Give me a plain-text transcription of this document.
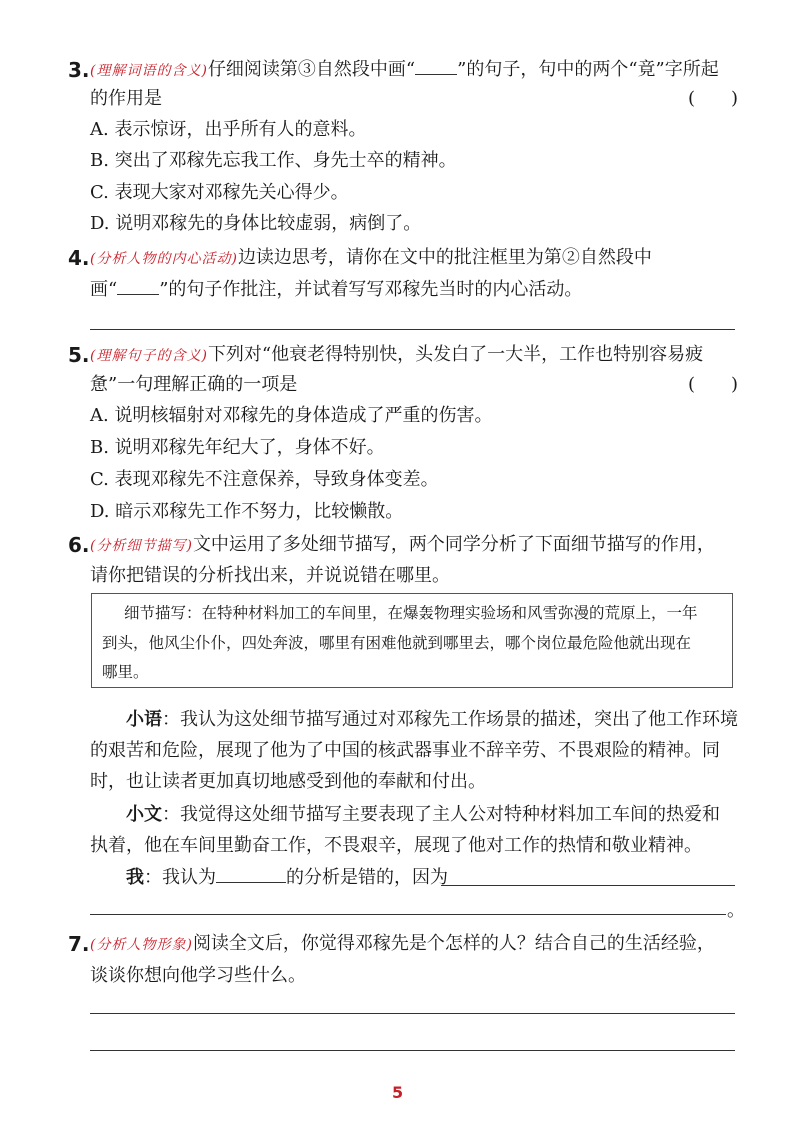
3. (理解词语的含义)仔细阅读第③自然段中画“ ”的句子，句中的两个“竟”字所起
的作用是	(　　)
A. 表示惊讶，出乎所有人的意料。
B. 突出了邓稼先忘我工作、身先士卒的精神。
C. 表现大家对邓稼先关心得少。
D. 说明邓稼先的身体比较虚弱，病倒了。
4. (分析人物的内心活动)边读边思考，请你在文中的批注框里为第②自然段中
画“ ”的句子作批注，并试着写写邓稼先当时的内心活动。
5. (理解句子的含义)下列对“他衰老得特别快，头发白了一大半，工作也特别容易疲
惫”一句理解正确的一项是	(　　)
A. 说明核辐射对邓稼先的身体造成了严重的伤害。
B. 说明邓稼先年纪大了，身体不好。
C. 表现邓稼先不注意保养，导致身体变差。
D. 暗示邓稼先工作不努力，比较懒散。
6. (分析细节描写)文中运用了多处细节描写，两个同学分析了下面细节描写的作用，
请你把错误的分析找出来，并说说错在哪里。
细节描写：在特种材料加工的车间里，在爆轰物理实验场和风雪弥漫的荒原上，一年
到头，他风尘仆仆，四处奔波，哪里有困难他就到哪里去，哪个岗位最危险他就出现在
哪里。
小语：我认为这处细节描写通过对邓稼先工作场景的描述，突出了他工作环境
的艰苦和危险，展现了他为了中国的核武器事业不辞辛劳、不畏艰险的精神。同
时，也让读者更加真切地感受到他的奉献和付出。
小文：我觉得这处细节描写主要表现了主人公对特种材料加工车间的热爱和
执着，他在车间里勤奋工作，不畏艰辛，展现了他对工作的热情和敬业精神。
我：我认为	的分析是错的，因为
。
7. (分析人物形象)阅读全文后，你觉得邓稼先是个怎样的人？结合自己的生活经验，
谈谈你想向他学习些什么。
5
